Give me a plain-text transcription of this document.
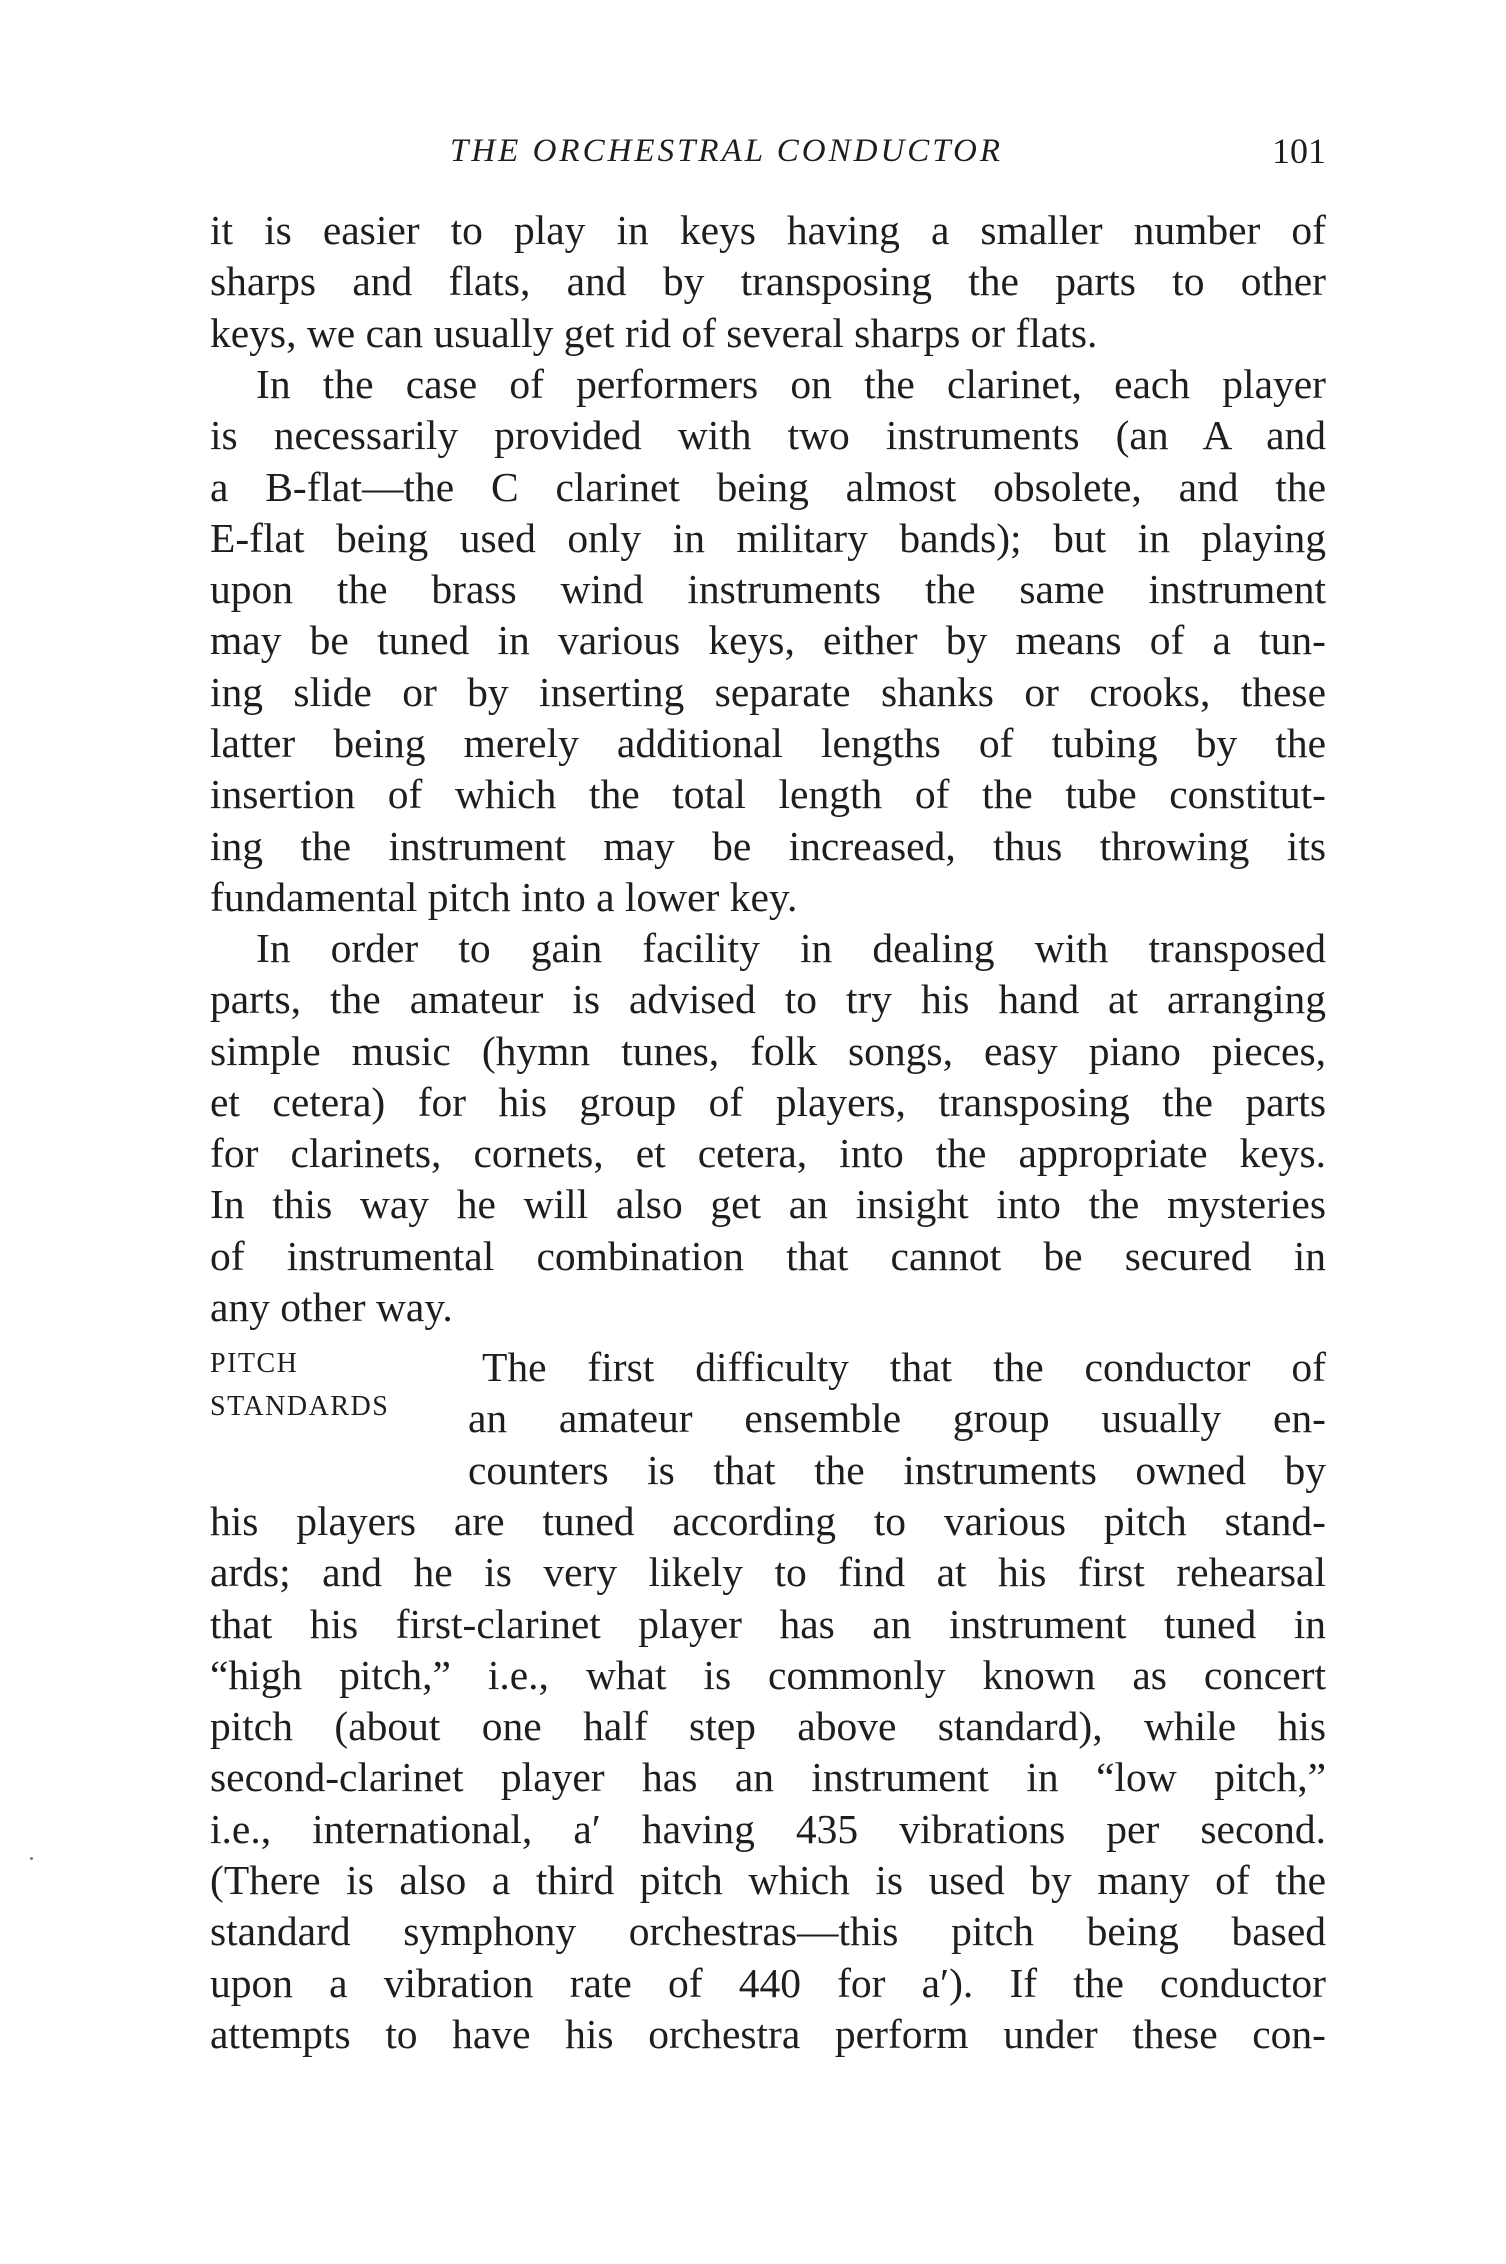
THE ORCHESTRAL CONDUCTOR	101
it is easier to play in keys having a smaller number of
sharps and flats, and by transposing the parts to other
keys, we can usually get rid of several sharps or flats.
In the case of performers on the clarinet, each player
is necessarily provided with two instruments (an A and
a B-flat—the C clarinet being almost obsolete, and the
E-flat being used only in military bands); but in playing
upon the brass wind instruments the same instrument
may be tuned in various keys, either by means of a tun-
ing slide or by inserting separate shanks or crooks, these
latter being merely additional lengths of tubing by the
insertion of which the total length of the tube constitut-
ing the instrument may be increased, thus throwing its
fundamental pitch into a lower key.
In order to gain facility in dealing with transposed
parts, the amateur is advised to try his hand at arranging
simple music (hymn tunes, folk songs, easy piano pieces,
et cetera) for his group of players, transposing the parts
for clarinets, cornets, et cetera, into the appropriate keys.
In this way he will also get an insight into the mysteries
of instrumental combination that cannot be secured in
any other way.
PITCH
STANDARDS
The first difficulty that the conductor of
an amateur ensemble group usually en-
counters is that the instruments owned by
his players are tuned according to various pitch stand-
ards; and he is very likely to find at his first rehearsal
that his first-clarinet player has an instrument tuned in
“high pitch,” i.e., what is commonly known as concert
pitch (about one half step above standard), while his
second-clarinet player has an instrument in “low pitch,”
i.e., international, a′ having 435 vibrations per second.
(There is also a third pitch which is used by many of the
standard symphony orchestras—this pitch being based
upon a vibration rate of 440 for a′). If the conductor
attempts to have his orchestra perform under these con-
